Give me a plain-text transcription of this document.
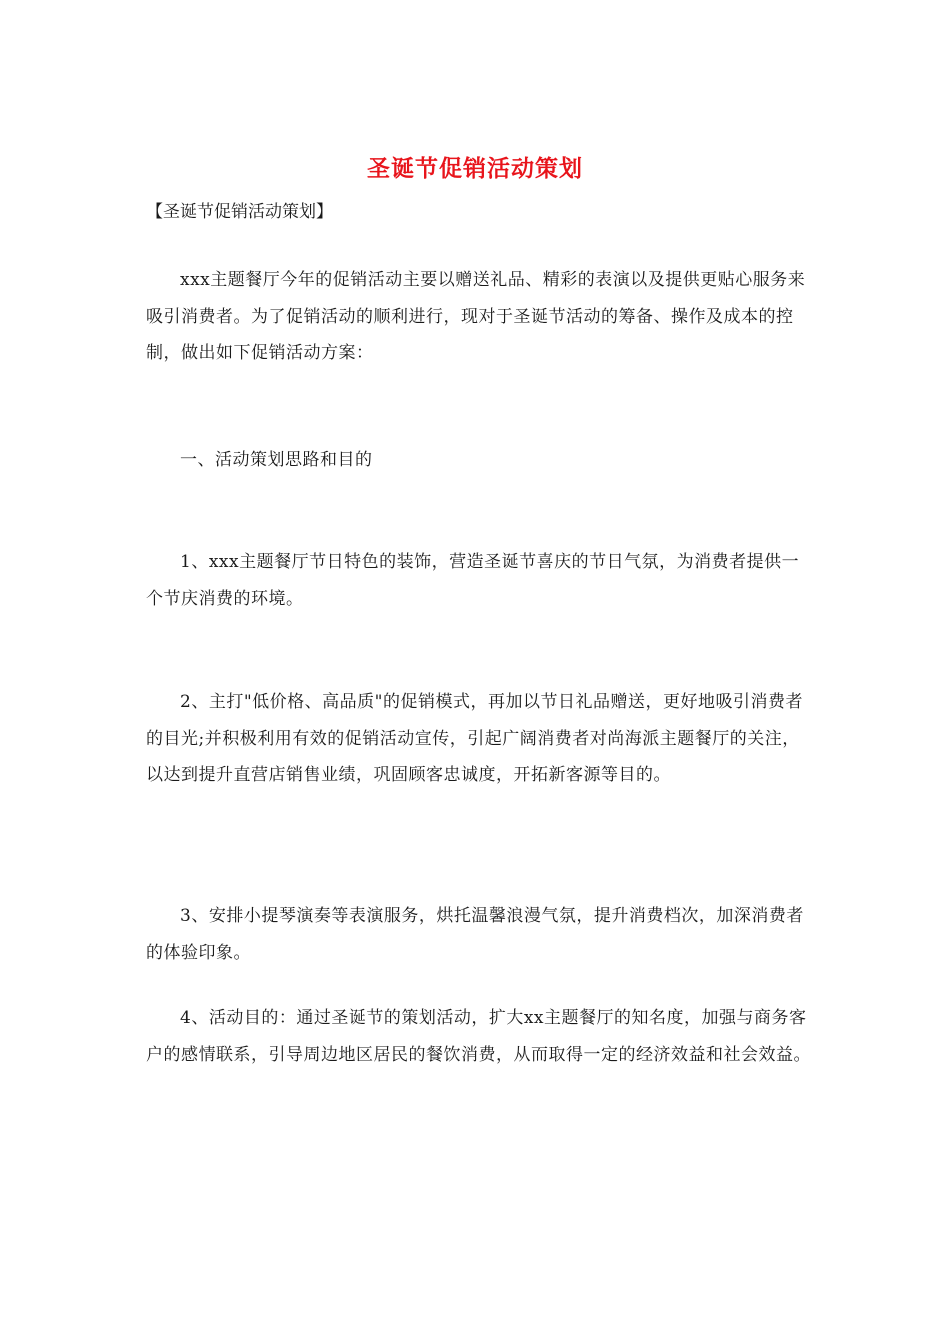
圣诞节促销活动策划

【圣诞节促销活动策划】

xxx主题餐厅今年的促销活动主要以赠送礼品、精彩的表演以及提供更贴心服务来吸引消费者。为了促销活动的顺利进行，现对于圣诞节活动的筹备、操作及成本的控制，做出如下促销活动方案：

一、活动策划思路和目的

1、xxx主题餐厅节日特色的装饰，营造圣诞节喜庆的节日气氛，为消费者提供一个节庆消费的环境。

2、主打"低价格、高品质"的促销模式，再加以节日礼品赠送，更好地吸引消费者的目光;并积极利用有效的促销活动宣传，引起广阔消费者对尚海派主题餐厅的关注，以达到提升直营店销售业绩，巩固顾客忠诚度，开拓新客源等目的。

3、安排小提琴演奏等表演服务，烘托温馨浪漫气氛，提升消费档次，加深消费者的体验印象。

4、活动目的：通过圣诞节的策划活动，扩大xx主题餐厅的知名度，加强与商务客户的感情联系，引导周边地区居民的餐饮消费，从而取得一定的经济效益和社会效益。
